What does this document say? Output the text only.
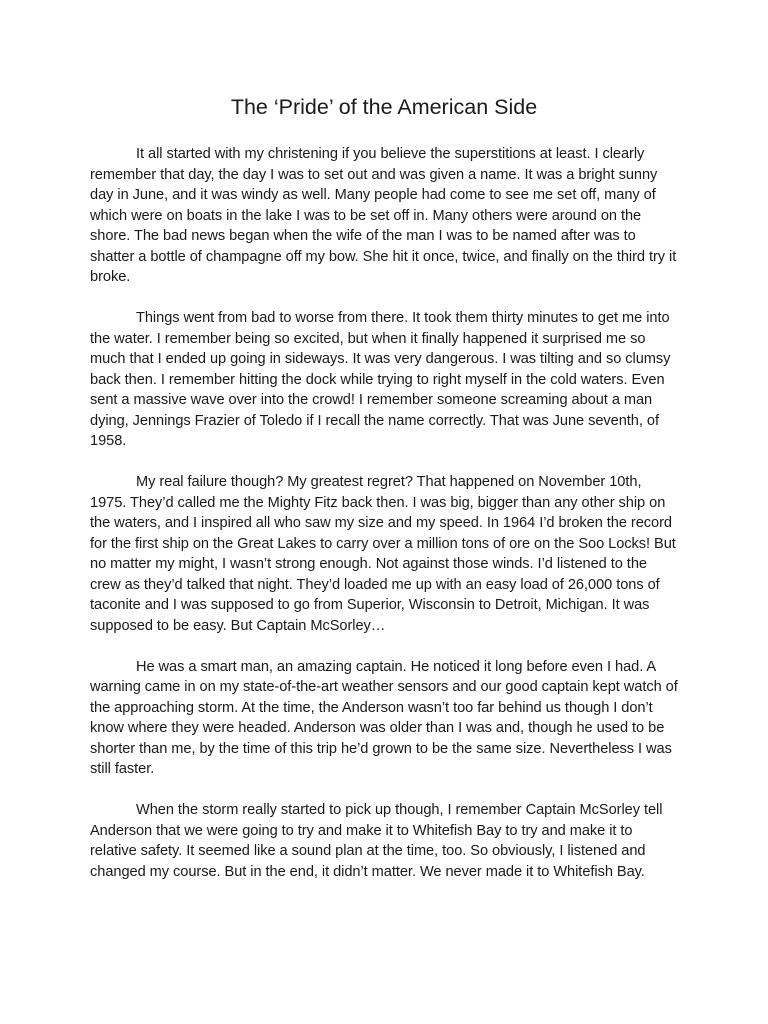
The ‘Pride’ of the American Side

It all started with my christening if you believe the superstitions at least. I clearly remember that day, the day I was to set out and was given a name. It was a bright sunny day in June, and it was windy as well. Many people had come to see me set off, many of which were on boats in the lake I was to be set off in. Many others were around on the shore. The bad news began when the wife of the man I was to be named after was to shatter a bottle of champagne off my bow. She hit it once, twice, and finally on the third try it broke.

Things went from bad to worse from there. It took them thirty minutes to get me into the water. I remember being so excited, but when it finally happened it surprised me so much that I ended up going in sideways. It was very dangerous. I was tilting and so clumsy back then. I remember hitting the dock while trying to right myself in the cold waters. Even sent a massive wave over into the crowd! I remember someone screaming about a man dying, Jennings Frazier of Toledo if I recall the name correctly. That was June seventh, of 1958.

My real failure though? My greatest regret? That happened on November 10th, 1975. They’d called me the Mighty Fitz back then. I was big, bigger than any other ship on the waters, and I inspired all who saw my size and my speed. In 1964 I’d broken the record for the first ship on the Great Lakes to carry over a million tons of ore on the Soo Locks! But no matter my might, I wasn’t strong enough. Not against those winds. I’d listened to the crew as they’d talked that night. They’d loaded me up with an easy load of 26,000 tons of taconite and I was supposed to go from Superior, Wisconsin to Detroit, Michigan. It was supposed to be easy. But Captain McSorley…

He was a smart man, an amazing captain. He noticed it long before even I had. A warning came in on my state-of-the-art weather sensors and our good captain kept watch of the approaching storm. At the time, the Anderson wasn’t too far behind us though I don’t know where they were headed. Anderson was older than I was and, though he used to be shorter than me, by the time of this trip he’d grown to be the same size. Nevertheless I was still faster.

When the storm really started to pick up though, I remember Captain McSorley tell Anderson that we were going to try and make it to Whitefish Bay to try and make it to relative safety. It seemed like a sound plan at the time, too. So obviously, I listened and changed my course. But in the end, it didn’t matter. We never made it to Whitefish Bay.
